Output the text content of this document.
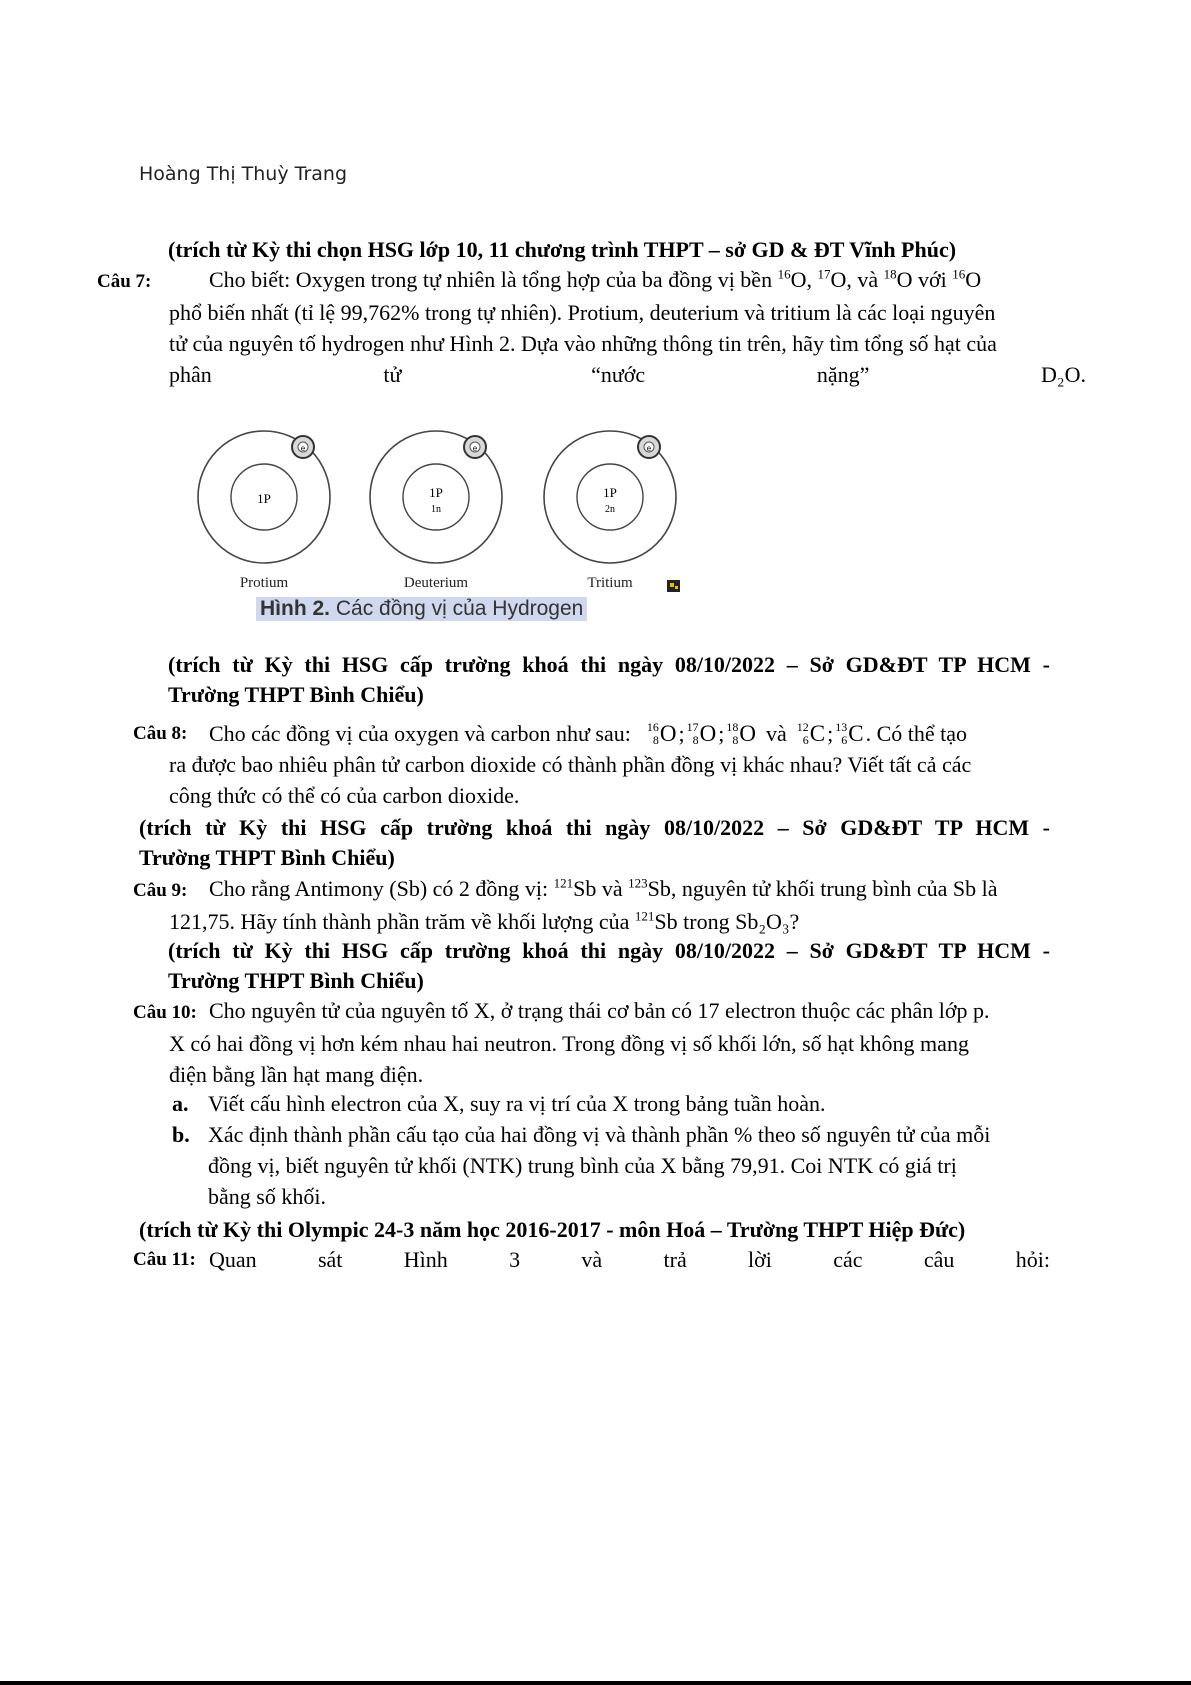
Hoàng Thị Thuỳ Trang
(trích từ Kỳ thi chọn HSG lớp 10, 11 chương trình THPT – sở GD & ĐT Vĩnh Phúc)
Câu 7:	Cho biết: Oxygen trong tự nhiên là tổng hợp của ba đồng vị bền $^{16}$O, $^{17}$O, và $^{18}$O với $^{16}$O
phổ biến nhất (tỉ lệ 99,762% trong tự nhiên). Protium, deuterium và tritium là các loại nguyên
tử của nguyên tố hydrogen như Hình 2. Dựa vào những thông tin trên, hãy tìm tổng số hạt của
phân	tử	“nước	nặng”	D₂O.
1P
e
Protium
1P
1n
e
Deuterium
1P
2n
e
Tritium
Hình 2. Các đồng vị của Hydrogen
(trích từ Kỳ thi HSG cấp trường khoá thi ngày 08/10/2022 – Sở GD&ĐT TP HCM -
Trường THPT Bình Chiểu)
Câu 8: Cho các đồng vị của oxygen và carbon như sau: 16
8 O ; 17
8 O ; 18
8 O và 12
6 C ; 13
6 C . Có thể tạo
ra được bao nhiêu phân tử carbon dioxide có thành phần đồng vị khác nhau? Viết tất cả các
công thức có thể có của carbon dioxide.
(trích từ Kỳ thi HSG cấp trường khoá thi ngày 08/10/2022 – Sở GD&ĐT TP HCM -
Trường THPT Bình Chiểu)
Câu 9: Cho rằng Antimony (Sb) có 2 đồng vị: $^{121}$Sb và $^{123}$Sb, nguyên tử khối trung bình của Sb là
121,75. Hãy tính thành phần trăm về khối lượng của $^{121}$Sb trong Sb₂O₃?
(trích từ Kỳ thi HSG cấp trường khoá thi ngày 08/10/2022 – Sở GD&ĐT TP HCM -
Trường THPT Bình Chiểu)
Câu 10: Cho nguyên tử của nguyên tố X, ở trạng thái cơ bản có 17 electron thuộc các phân lớp p.
X có hai đồng vị hơn kém nhau hai neutron. Trong đồng vị số khối lớn, số hạt không mang
điện bằng lần hạt mang điện.
a. Viết cấu hình electron của X, suy ra vị trí của X trong bảng tuần hoàn.
b. Xác định thành phần cấu tạo của hai đồng vị và thành phần % theo số nguyên tử của mỗi
đồng vị, biết nguyên tử khối (NTK) trung bình của X bằng 79,91. Coi NTK có giá trị
bằng số khối.
(trích từ Kỳ thi Olympic 24-3 năm học 2016-2017 - môn Hoá – Trường THPT Hiệp Đức)
Câu 11: Quan	sát	Hình	3	và	trả	lời	các	câu	hỏi:
